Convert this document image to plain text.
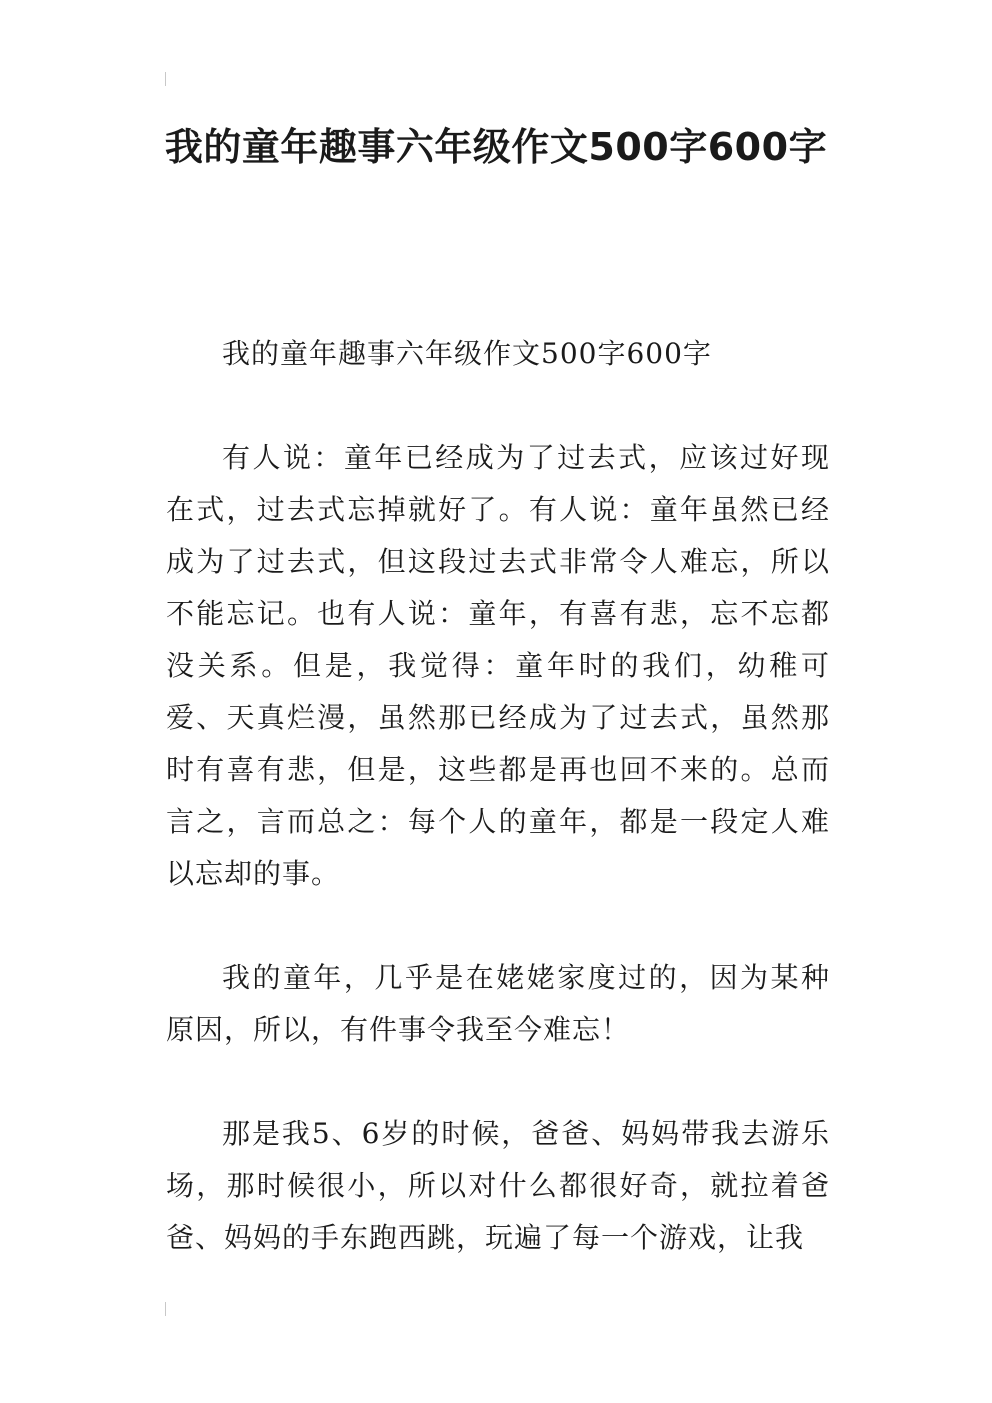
我的童年趣事六年级作文500字600字

我的童年趣事六年级作文500字600字

有人说：童年已经成为了过去式，应该过好现在式，过去式忘掉就好了。有人说：童年虽然已经成为了过去式，但这段过去式非常令人难忘，所以不能忘记。也有人说：童年，有喜有悲，忘不忘都没关系。但是，我觉得：童年时的我们，幼稚可爱、天真烂漫，虽然那已经成为了过去式，虽然那时有喜有悲，但是，这些都是再也回不来的。总而言之，言而总之：每个人的童年，都是一段定人难以忘却的事。

我的童年，几乎是在姥姥家度过的，因为某种原因，所以，有件事令我至今难忘！

那是我5、6岁的时候，爸爸、妈妈带我去游乐场，那时候很小，所以对什么都很好奇，就拉着爸爸、妈妈的手东跑西跳，玩遍了每一个游戏，让我
